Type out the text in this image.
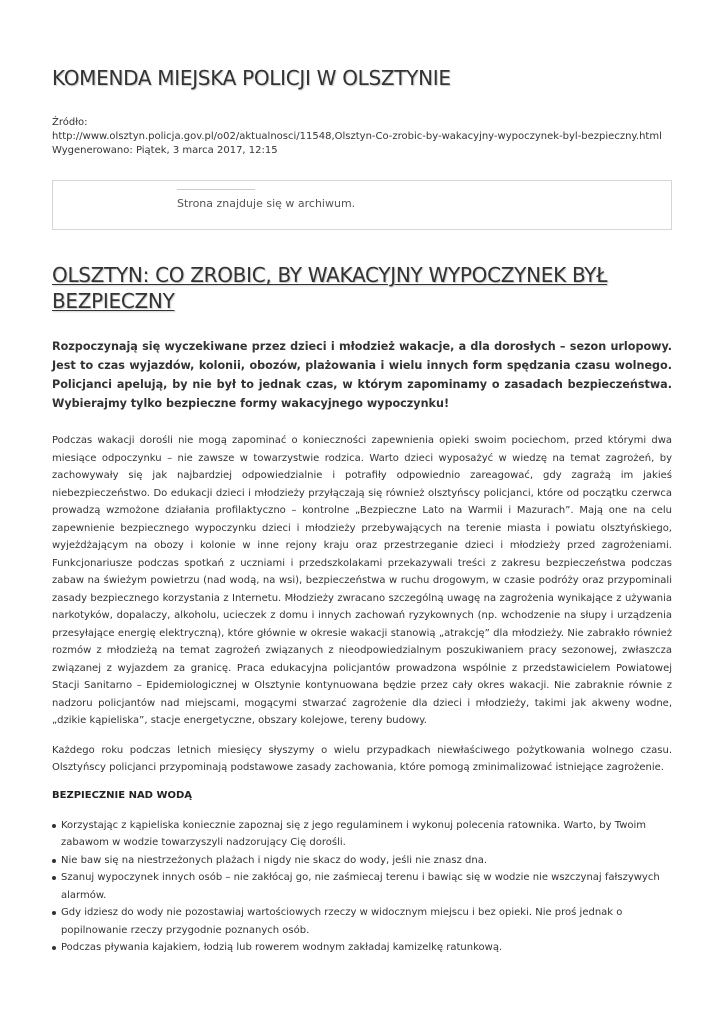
KOMENDA MIEJSKA POLICJI W OLSZTYNIE
Źródło:
http://www.olsztyn.policja.gov.pl/o02/aktualnosci/11548,Olsztyn-Co-zrobic-by-wakacyjny-wypoczynek-byl-bezpieczny.html
Wygenerowano: Piątek, 3 marca 2017, 12:15
Strona znajduje się w archiwum.
OLSZTYN: CO ZROBIC, BY WAKACYJNY WYPOCZYNEK BYŁ BEZPIECZNY

Rozpoczynają się wyczekiwane przez dzieci i młodzież wakacje, a dla dorosłych – sezon urlopowy. Jest to czas wyjazdów, kolonii, obozów, plażowania i wielu innych form spędzania czasu wolnego. Policjanci apelują, by nie był to jednak czas, w którym zapominamy o zasadach bezpieczeństwa. Wybierajmy tylko bezpieczne formy wakacyjnego wypoczynku!

Podczas wakacji dorośli nie mogą zapominać o konieczności zapewnienia opieki swoim pociechom, przed którymi dwa miesiące odpoczynku – nie zawsze w towarzystwie rodzica. Warto dzieci wyposażyć w wiedzę na temat zagrożeń, by zachowywały się jak najbardziej odpowiedzialnie i potrafiły odpowiednio zareagować, gdy zagrażą im jakieś niebezpieczeństwo. Do edukacji dzieci i młodzieży przyłączają się również olsztyńscy policjanci, które od początku czerwca prowadzą wzmożone działania profilaktyczno – kontrolne „Bezpieczne Lato na Warmii i Mazurach”. Mają one na celu zapewnienie bezpiecznego wypoczynku dzieci i młodzieży przebywających na terenie miasta i powiatu olsztyńskiego, wyjeżdżającym na obozy i kolonie w inne rejony kraju oraz przestrzeganie dzieci i młodzieży przed zagrożeniami. Funkcjonariusze podczas spotkań z uczniami i przedszkolakami przekazywali treści z zakresu bezpieczeństwa podczas zabaw na świeżym powietrzu (nad wodą, na wsi), bezpieczeństwa w ruchu drogowym, w czasie podróży oraz przypominali zasady bezpiecznego korzystania z Internetu. Młodzieży zwracano szczególną uwagę na zagrożenia wynikające z używania narkotyków, dopalaczy, alkoholu, ucieczek z domu i innych zachowań ryzykownych (np. wchodzenie na słupy i urządzenia przesyłające energię elektryczną), które głównie w okresie wakacji stanowią „atrakcję” dla młodzieży. Nie zabrakło również rozmów z młodzieżą na temat zagrożeń związanych z nieodpowiedzialnym poszukiwaniem pracy sezonowej, zwłaszcza związanej z wyjazdem za granicę. Praca edukacyjna policjantów prowadzona wspólnie z przedstawicielem Powiatowej Stacji Sanitarno – Epidemiologicznej w Olsztynie kontynuowana będzie przez cały okres wakacji. Nie zabraknie równie z nadzoru policjantów nad miejscami, mogącymi stwarzać zagrożenie dla dzieci i młodzieży, takimi jak akweny wodne, „dzikie kąpieliska”, stacje energetyczne, obszary kolejowe, tereny budowy.

Każdego roku podczas letnich miesięcy słyszymy o wielu przypadkach niewłaściwego pożytkowania wolnego czasu. Olsztyńscy policjanci przypominają podstawowe zasady zachowania, które pomogą zminimalizować istniejące zagrożenie.

BEZPIECZNIE NAD WODĄ
Korzystając z kąpieliska koniecznie zapoznaj się z jego regulaminem i wykonuj polecenia ratownika. Warto, by Twoim zabawom w wodzie towarzyszyli nadzorujący Cię dorośli.
Nie baw się na niestrzeżonych plażach i nigdy nie skacz do wody, jeśli nie znasz dna.
Szanuj wypoczynek innych osób – nie zakłócaj go, nie zaśmiecaj terenu i bawiąc się w wodzie nie wszczynaj fałszywych alarmów.
Gdy idziesz do wody nie pozostawiaj wartościowych rzeczy w widocznym miejscu i bez opieki. Nie proś jednak o popilnowanie rzeczy przygodnie poznanych osób.
Podczas pływania kajakiem, łodzią lub rowerem wodnym zakładaj kamizelkę ratunkową.
